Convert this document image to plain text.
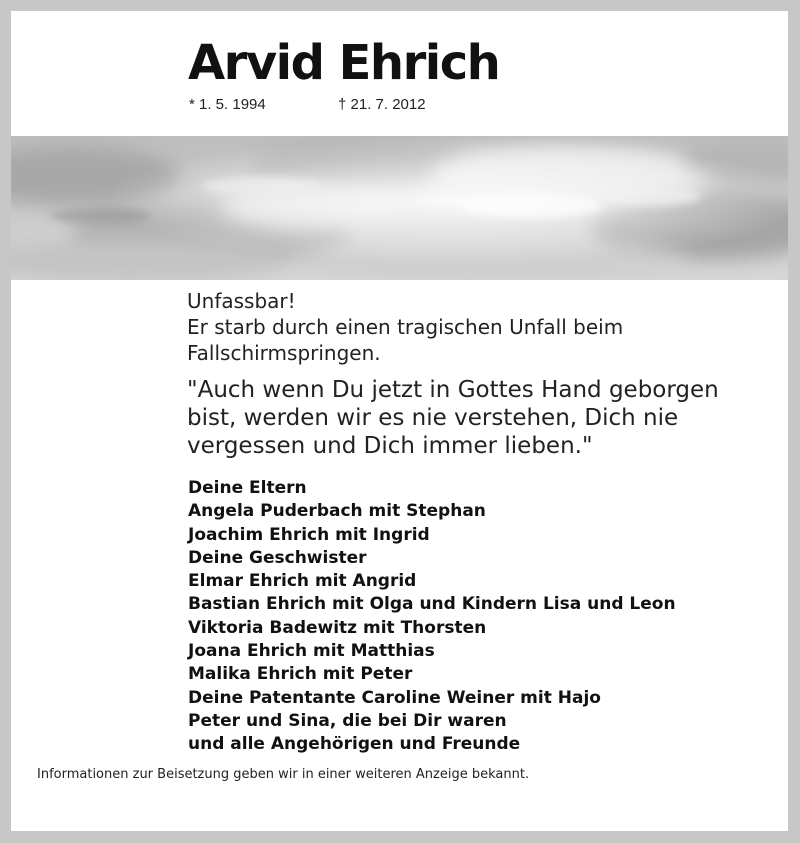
Arvid Ehrich
* 1. 5. 1994	† 21. 7. 2012
Unfassbar!
Er starb durch einen tragischen Unfall beim
Fallschirmspringen.
"Auch wenn Du jetzt in Gottes Hand geborgen
bist, werden wir es nie verstehen, Dich nie
vergessen und Dich immer lieben."
Deine Eltern
Angela Puderbach mit Stephan
Joachim Ehrich mit Ingrid
Deine Geschwister
Elmar Ehrich mit Angrid
Bastian Ehrich mit Olga und Kindern Lisa und Leon
Viktoria Badewitz mit Thorsten
Joana Ehrich mit Matthias
Malika Ehrich mit Peter
Deine Patentante Caroline Weiner mit Hajo
Peter und Sina, die bei Dir waren
und alle Angehörigen und Freunde
Informationen zur Beisetzung geben wir in einer weiteren Anzeige bekannt.
